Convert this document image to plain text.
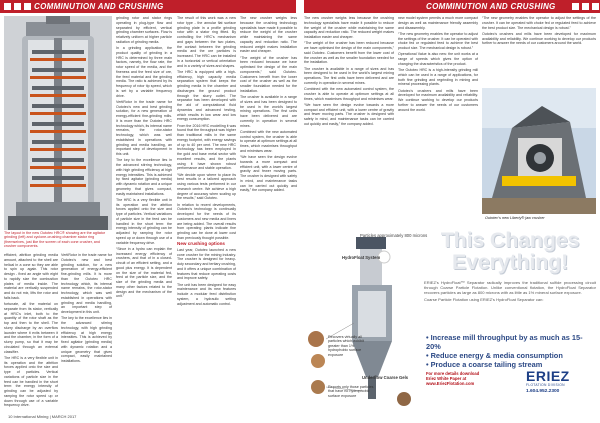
COMMINUTION AND CRUSHING	COMMINUTION AND CRUSHING
The layout in the new Outotec HRC® showing are the agitator grinding (left) and cyclone-crushing chamber stator ring (themselves, just like the screen of each cone crusher, and crusher components.

efficient, attrition grinding media amount, attached to the shell are helical in a cone so they are able to spin up again. This rotor design - fixed an angle with eight to rapidly size the combustion plates of media inside. The material are vertically suspended and do not mix, lifts the rotor and falls back.

fortunate, all the material on separate from its stator, vertically at HRC's inlet, both to the quantity of the rotor shaft as the top and then to the shell. The slurry discharge by an overflow launder where it exits between it and the chamber, in the form of a slurry pump, so that it may be circulated through an external classifier.

The HRC is a very flexible unit in its operation and the attrition forces applied onto the size and type of particles. Vertical variations of particle size in the feed can be handled in the short term: the energy intensity of grinding can be adjusted by ramping the rotor speed up or down through use of a variable frequency drive.

VertiRotor in the trade name for Outotec's new and best grinding solution, for a new generation of energy-efficient fine-grinding mills. It is more than the Outotec HRC technology which, its internal name remains, the rotor-stator technology, which was well established in operations with grinding and media handling, an important step of development in this unit.

The key to the excellence lies in the advanced stirring technology, with high grinding efficiency at high energy intensities. This is achieved by fixed agitator (grinding media) with dynamic rotation and a unique geometry that gives compact, easily maintained installations.

grinding rotor and stator rings operating in plug-type flow and separated by efficient, vertical grinding chamber surfaces. Flow is relatively uniform at higher particle radiation of grinding media.

In a grinding application, the product quality of grinding in a HRC is determined by three main factors, namely, the flow rate, the rotor speed of the media, and the fineness and the feed size of ore, the feed material and the grinding media. The ratio is achieved by its frequency of rotor tip speed, which is set by a variable frequency drive.

VertiRotor in the trade name for Outotec's new and best grinding solution, for a new generation of energy-efficient fine-grinding mills. It is more than the Outotec HRC technology which, its internal name remains, the rotor-stator technology, which was well established in operations with grinding and media handling, an important step of development in this unit.

The key to the excellence lies in the advanced stirring technology, with high grinding efficiency at high energy intensities. This is achieved by fixed agitator (grinding media) with dynamic rotation and a unique geometry that gives compact, easily maintained installations.

The HRC is a very flexible unit in its operation and the attrition forces applied onto the size and type of particles. Vertical variations of particle size in the feed can be handled in the short term: the energy intensity of grinding can be adjusted by ramping the rotor speed up or down through use of a variable frequency drive.

“Since in a hydro can explain the increased energy efficiency of crushers, and that of in a closed-circuit of an efficient setting, and a good plus energy. It is dependent on the size of the material fed, feed at the particle size, and the size of the grinding media and many other factors related to the design and the mechanism of the unit.”

The result of this work was a new rotor type - the annular flat surface grinding plate in a profile grinding rotor with a stator ring fitted. By controlling the HRC's mechanism and gaps between the two plates, the contact between the grinding media and the ore particles is increased. The HRC can be installed in a horizontal or vertical orientation and in a variety of sizes and shapes.

The HRC is equipped with a high-efficiency, high capacity media separation system that keeps the grinding media in the chamber and discharges the ground product through the slurry outlet. The separator has been developed with the aid of computational fluid dynamics and advanced testing, which results in low wear and low energy consumption.

From the 2016 HRC modelling it was found that the throughput was higher than traditional mills in the same energy footprint, with energy savings of up to 40 per cent. The new HRC technology has been employed in the gold and base metal sector with excellent results, and the plants using it have shown robust performance and stable operation.

“We decide upon where to place its best results in a tailored approach using various tests performed in our research centre. We achieve a high degree of accuracy when scaling up the results,” said Outotec.

In relation to recent developments, Outotec's technology is continually developed for the needs of its customers and new media and liners are being added. The overall results from operating plants indicate fine grinding can be done at lower cost than previously thought possible.

New crushing options

Last year, Outotec launched a new cone crusher for the mining industry. The crusher is designed for heavy-duty secondary and tertiary crushing, and it offers a unique combination of features that reduce operating costs and improve safety.

The unit has been designed for easy maintenance and its new features include a modular feed distribution system, a hydraulic setting adjustment and automatic control.

The new crusher weighs less because the crushing technology specialists have made it possible to reduce the weight of the crusher while maintaining the same capacity and reduction ratio. The reduced weight makes installation easier and cheaper.

“The weight of the crusher has been reduced because we have optimised the design of the main components,” said Outotec. Customers benefit from the lower cost of the crusher as well as the smaller foundation needed for the installation.

The crusher is available in a range of sizes and has been designed to be used in the world's largest mining operations. The first units have been delivered and are currently in operation in several mines.

Combined with the new automated control system, the crusher is able to operate at optimum settings at all times, which maximises throughput and minimises wear.

“We have seen the design evolve towards a more compact and efficient unit, with a lower centre of gravity and fewer moving parts. The crusher is designed with safety in mind, and maintenance tasks can be carried out quickly and easily,” the company added.

The new crusher weighs less because the crushing technology specialists have made it possible to reduce the weight of the crusher while maintaining the same capacity and reduction ratio. The reduced weight makes installation easier and cheaper.

“The weight of the crusher has been reduced because we have optimised the design of the main components,” said Outotec. Customers benefit from the lower cost of the crusher as well as the smaller foundation needed for the installation.

The crusher is available in a range of sizes and has been designed to be used in the world's largest mining operations. The first units have been delivered and are currently in operation in several mines.

Combined with the new automated control system, the crusher is able to operate at optimum settings at all times, which maximises throughput and minimises wear.

“We have seen the design evolve towards a more compact and efficient unit, with a lower centre of gravity and fewer moving parts. The crusher is designed with safety in mind, and maintenance tasks can be carried out quickly and easily,” the company added.

new model system permits a much more compact design as well as maintenance friendly assembly and disassembly.

“The new geometry enables the operator to adjust the settings of the crusher. It can be operated with choke fed or regulated feed to achieve the best product size. The mechanical design is robust.”

Operational Value is also new: the unit works at a range of speeds which gives the option of changing the characteristics of the product.

The Outotec HRC is a high-intensity grinding mill which can be used in a range of applications, for both fine grinding and regrinding in mining and mineral processing plants.

Outotec's crushers and mills have been developed for maximum availability and reliability. We continue working to develop our products further to answer the needs of our customers around the world.

“The new geometry enables the operator to adjust the settings of the crusher. It can be operated with choke fed or regulated feed to achieve the best product size. The mechanical design is robust.”

Outotec's crushers and mills have been developed for maximum availability and reliability. We continue working to develop our products further to answer the needs of our customers around the world.

Outotec's new Liberty® jaw crusher
Particles approximately 800 microns
HydroFloat System
Recovers virtually all particles which exhibit greater than 1% hydrophobic surface exposure
Underflow Coarse Gels
Reports only those particles that have no hydrophobic surface exposure
This Changes
Everything!

ERIEZ's HydroFloat™ Separator radically improves the traditional sulfide processing circuit through Coarse Particle Flotation. Unlike conventional flotation, the HydroFloat Separator recovers particles as large as 800 microns with as little as 1% mineral surface exposure.

Coarse Particle Flotation using ERIEZ's HydroFloat Separator can:

• Increase mill throughput by as much as 15-20%
• Reduce energy & media consumption
• Produce a coarse tailing stream
For more details download
Eriez White Paper at
www.EriezFlotation.com	ERIEZ
FLOTATION DIVISION
1.604.952.2300
10 International Mining | MARCH 2017
